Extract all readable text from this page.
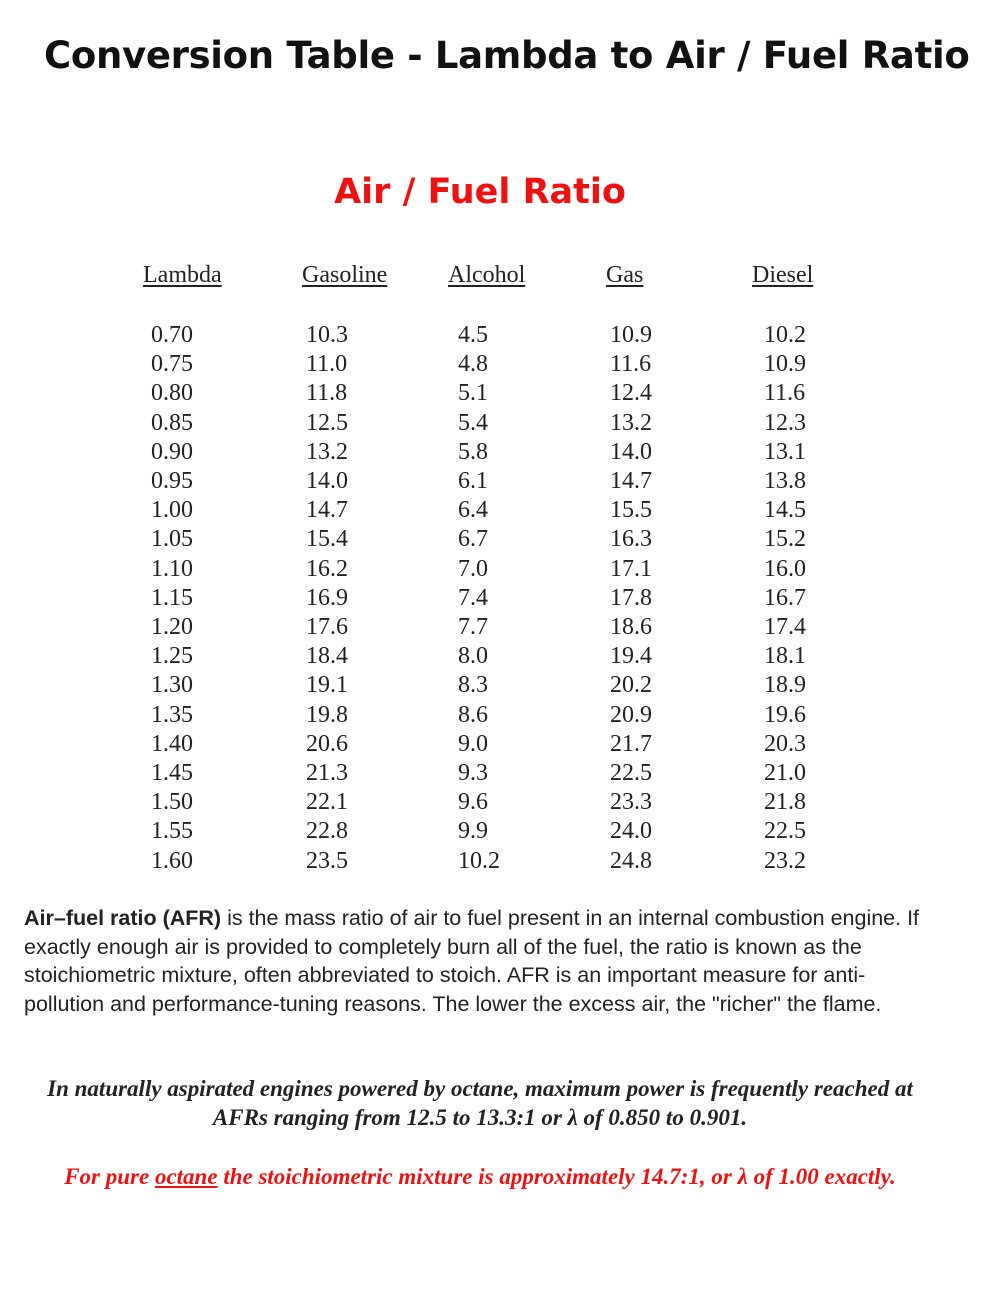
Conversion Table - Lambda to Air / Fuel Ratio
Air / Fuel Ratio
Lambda	Gasoline	Alcohol	Gas	Diesel
0.70	10.3	4.5	10.9	10.2
0.75	11.0	4.8	11.6	10.9
0.80	11.8	5.1	12.4	11.6
0.85	12.5	5.4	13.2	12.3
0.90	13.2	5.8	14.0	13.1
0.95	14.0	6.1	14.7	13.8
1.00	14.7	6.4	15.5	14.5
1.05	15.4	6.7	16.3	15.2
1.10	16.2	7.0	17.1	16.0
1.15	16.9	7.4	17.8	16.7
1.20	17.6	7.7	18.6	17.4
1.25	18.4	8.0	19.4	18.1
1.30	19.1	8.3	20.2	18.9
1.35	19.8	8.6	20.9	19.6
1.40	20.6	9.0	21.7	20.3
1.45	21.3	9.3	22.5	21.0
1.50	22.1	9.6	23.3	21.8
1.55	22.8	9.9	24.0	22.5
1.60	23.5	10.2	24.8	23.2

Air–fuel ratio (AFR) is the mass ratio of air to fuel present in an internal combustion engine. If exactly enough air is provided to completely burn all of the fuel, the ratio is known as the stoichiometric mixture, often abbreviated to stoich. AFR is an important measure for anti-pollution and performance-tuning reasons. The lower the excess air, the "richer" the flame.

In naturally aspirated engines powered by octane, maximum power is frequently reached at AFRs ranging from 12.5 to 13.3:1 or λ of 0.850 to 0.901.

For pure octane the stoichiometric mixture is approximately 14.7:1, or λ of 1.00 exactly.
